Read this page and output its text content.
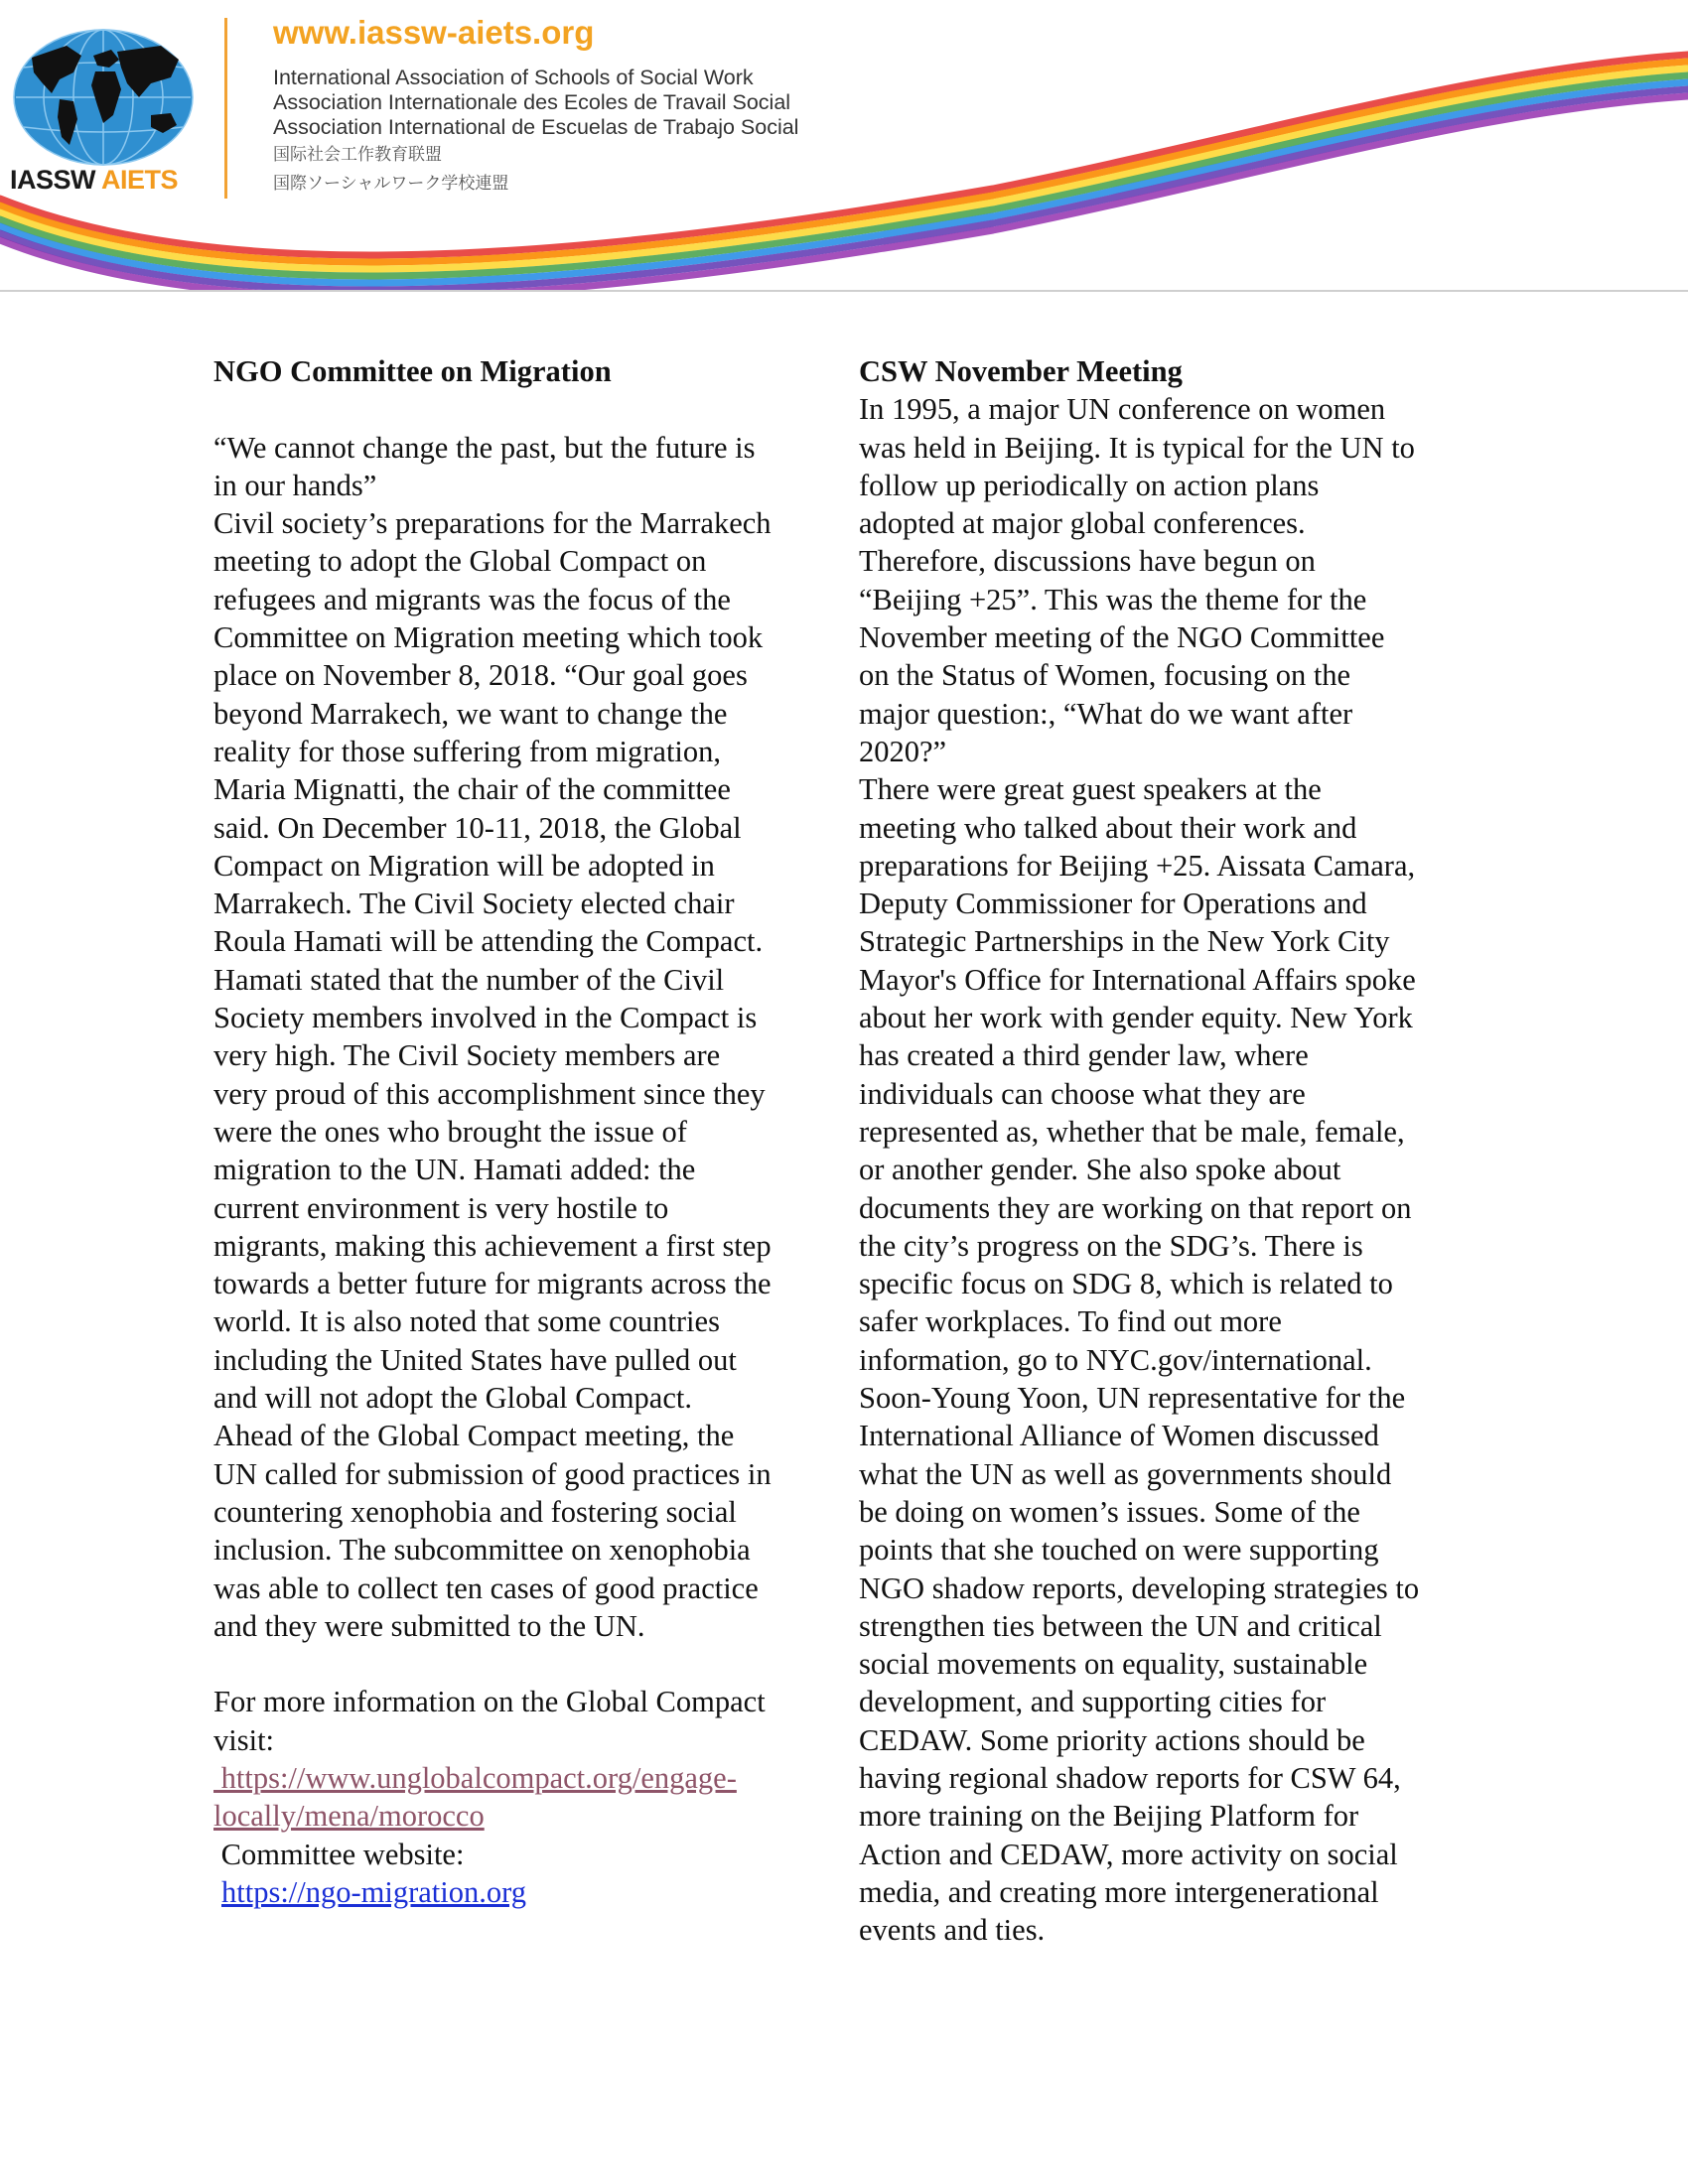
IASSW AIETS
www.iassw-aiets.org
International Association of Schools of Social Work
Association Internationale des Ecoles de Travail Social
Association International de Escuelas de Trabajo Social
国际社会工作教育联盟
国際ソーシャルワーク学校連盟
NGO Committee on Migration
“We cannot change the past, but the future is
in our hands”
Civil society’s preparations for the Marrakech
meeting to adopt the Global Compact on
refugees and migrants was the focus of the
Committee on Migration meeting which took
place on November 8, 2018. “Our goal goes
beyond Marrakech, we want to change the
reality for those suffering from migration,
Maria Mignatti, the chair of the committee
said. On December 10-11, 2018, the Global
Compact on Migration will be adopted in
Marrakech. The Civil Society elected chair
Roula Hamati will be attending the Compact.
Hamati stated that the number of the Civil
Society members involved in the Compact is
very high. The Civil Society members are
very proud of this accomplishment since they
were the ones who brought the issue of
migration to the UN. Hamati added: the
current environment is very hostile to
migrants, making this achievement a first step
towards a better future for migrants across the
world. It is also noted that some countries
including the United States have pulled out
and will not adopt the Global Compact.
Ahead of the Global Compact meeting, the
UN called for submission of good practices in
countering xenophobia and fostering social
inclusion. The subcommittee on xenophobia
was able to collect ten cases of good practice
and they were submitted to the UN.
For more information on the Global Compact
visit:
https://www.unglobalcompact.org/engage-
locally/mena/morocco
Committee website:
https://ngo-migration.org
CSW November Meeting
In 1995, a major UN conference on women
was held in Beijing. It is typical for the UN to
follow up periodically on action plans
adopted at major global conferences.
Therefore, discussions have begun on
“Beijing +25”. This was the theme for the
November meeting of the NGO Committee
on the Status of Women, focusing on the
major question:, “What do we want after
2020?”
There were great guest speakers at the
meeting who talked about their work and
preparations for Beijing +25. Aissata Camara,
Deputy Commissioner for Operations and
Strategic Partnerships in the New York City
Mayor's Office for International Affairs spoke
about her work with gender equity. New York
has created a third gender law, where
individuals can choose what they are
represented as, whether that be male, female,
or another gender. She also spoke about
documents they are working on that report on
the city’s progress on the SDG’s. There is
specific focus on SDG 8, which is related to
safer workplaces. To find out more
information, go to NYC.gov/international.
Soon-Young Yoon, UN representative for the
International Alliance of Women discussed
what the UN as well as governments should
be doing on women’s issues. Some of the
points that she touched on were supporting
NGO shadow reports, developing strategies to
strengthen ties between the UN and critical
social movements on equality, sustainable
development, and supporting cities for
CEDAW. Some priority actions should be
having regional shadow reports for CSW 64,
more training on the Beijing Platform for
Action and CEDAW, more activity on social
media, and creating more intergenerational
events and ties.
